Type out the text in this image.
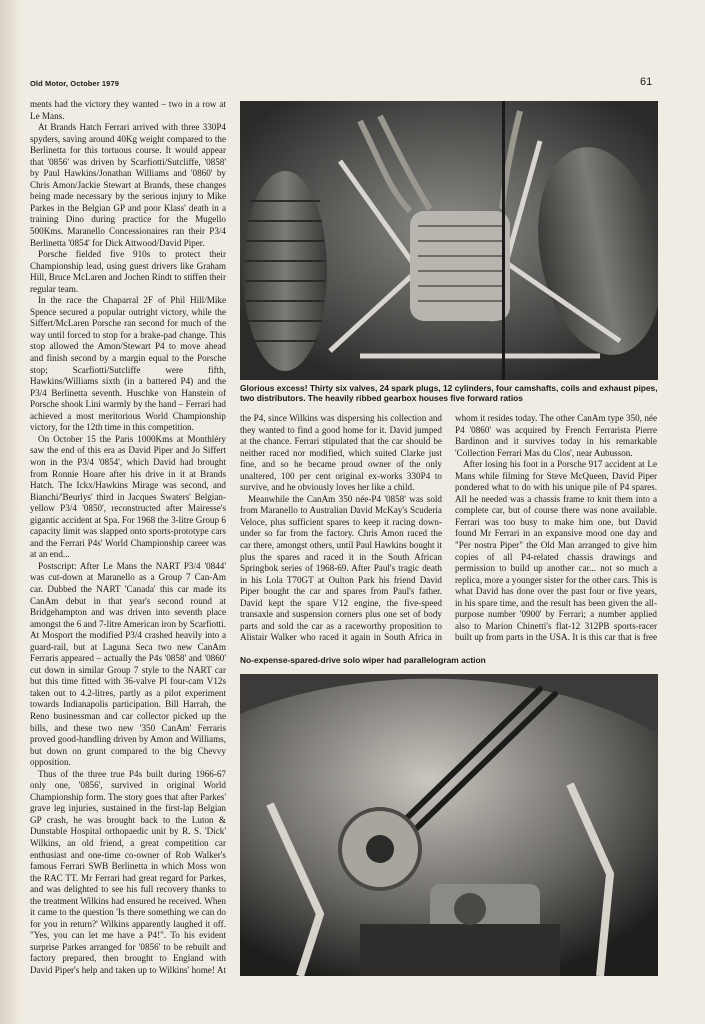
Old Motor, October 1979	61

ments had the victory they wanted – two in a row at Le Mans.

At Brands Hatch Ferrari arrived with three 330P4 spyders, saving around 40Kg weight compared to the Berlinetta for this tortuous course. It would appear that '0856' was driven by Scarfiotti/Sutcliffe, '0858' by Paul Hawkins/Jonathan Williams and '0860' by Chris Amon/Jackie Stewart at Brands, these changes being made necessary by the serious injury to Mike Parkes in the Belgian GP and poor Klass' death in a training Dino during practice for the Mugello 500Kms. Maranello Concessionaires ran their P3/4 Berlinetta '0854' for Dick Attwood/David Piper.

Porsche fielded five 910s to protect their Championship lead, using guest drivers like Graham Hill, Bruce McLaren and Jochen Rindt to stiffen their regular team.

In the race the Chaparral 2F of Phil Hill/Mike Spence secured a popular outright victory, while the Siffert/McLaren Porsche ran second for much of the way until forced to stop for a brake-pad change. This stop allowed the Amon/Stewart P4 to move ahead and finish second by a margin equal to the Porsche stop; Scarfiotti/Sutcliffe were fifth, Hawkins/Williams sixth (in a battered P4) and the P3/4 Berlinetta seventh. Huschke von Hanstein of Porsche shook Lini warmly by the hand – Ferrari had achieved a most meritorious World Championship victory, for the 12th time in this competition.

On October 15 the Paris 1000Kms at Monthléry saw the end of this era as David Piper and Jo Siffert won in the P3/4 '0854', which David had brought from Ronnie Hoare after his drive in it at Brands Hatch. The Ickx/Hawkins Mirage was second, and Bianchi/'Beurlys' third in Jacques Swaters' Belgian-yellow P3/4 '0850', reconstructed after Mairesse's gigantic accident at Spa. For 1968 the 3-litre Group 6 capacity limit was slapped onto sports-prototype cars and the Ferrari P4s' World Championship career was at an end...

Postscript: After Le Mans the NART P3/4 '0844' was cut-down at Maranello as a Group 7 Can-Am car. Dubbed the NART 'Canada' this car made its CanAm debut in that year's second round at Bridgehampton and was driven into seventh place amongst the 6 and 7-litre American iron by Scarfiotti. At Mosport the modified P3/4 crashed heavily into a guard-rail, but at Laguna Seca two new CanAm Ferraris appeared – actually the P4s '0858' and '0860' cut down in similar Group 7 style to the NART car but this time fitted with 36-valve Pl four-cam V12s taken out to 4.2-litres, partly as a pilot experiment towards Indianapolis participation. Bill Harrah, the Reno businessman and car collector picked up the bills, and these two new '350 CanAm' Ferraris proved good-handling driven by Amon and Williams, but down on grunt compared to the big Chevvy opposition.

Thus of the three true P4s built during 1966-67 only one, '0856', survived in original World Championship form. The story goes that after Parkes' grave leg injuries, sustained in the first-lap Belgian GP crash, he was brought back to the Luton & Dunstable Hospital orthopaedic unit by R. S. 'Dick' Wilkins, an old friend, a great competition car enthusiast and one-time co-owner of Rob Walker's famous Ferrari SWB Berlinetta in which Moss won the RAC TT. Mr Ferrari had great regard for Parkes, and was delighted to see his full recovery thanks to the treatment Wilkins had ensured he received. When it came to the question 'Is there something we can do for you in return?' Wilkins apparently laughed it off. "Yes, you can let me have a P4!". To his evident surprise Parkes arranged for '0856' to be rebuilt and factory prepared, then brought to England with David Piper's help and taken up to Wilkins' home! At

Glorious excess! Thirty six valves, 24 spark plugs, 12 cylinders, four camshafts, coils and exhaust pipes, two distributors. The heavily ribbed gearbox houses five forward ratios

the P4, since Wilkins was dispersing his collection and they wanted to find a good home for it. David jumped at the chance. Ferrari stipulated that the car should be neither raced nor modified, which suited Clarke just fine, and so he became proud owner of the only unaltered, 100 per cent original ex-works 330P4 to survive, and he obviously loves her like a child.

Meanwhile the CanAm 350 née-P4 '0858' was sold from Maranello to Australian David McKay's Scuderia Veloce, plus sufficient spares to keep it racing down-under so far from the factory. Chris Amon raced the car there, amongst others, until Paul Hawkins bought it plus the spares and raced it in the South African Springbok series of 1968-69. After Paul's tragic death in his Lola T70GT at Oulton Park his friend David Piper bought the car and spares from Paul's father. David kept the spare V12 engine, the five-speed transaxle and suspension corners plus one set of body parts and sold the car as a raceworthy proposition to Alistair Walker who raced it again in South Africa in

whom it resides today. The other CanAm type 350, née P4 '0860' was acquired by French Ferraristа Pierre Bardinon and it survives today in his remarkable 'Collection Ferrari Mas du Clos', near Aubusson.

After losing his foot in a Porsche 917 accident at Le Mans while filming for Steve McQueen, David Piper pondered what to do with his unique pile of P4 spares. All he needed was a chassis frame to knit them into a complete car, but of course there was none available. Ferrari was too busy to make him one, but David found Mr Ferrari in an expansive mood one day and "Per nostra Piper" the Old Man arranged to give him copies of all P4-related chassis drawings and permission to build up another car... not so much a replica, more a younger sister for the other cars. This is what David has done over the past four or five years, in his spare time, and the result has been given the all-purpose number '0900' by Ferrari; a number applied also to Marion Chinetti's flat-12 312PB sports-racer built up from parts in the USA. It is this car that is free

No-expense-spared-drive solo wiper had parallelogram action
